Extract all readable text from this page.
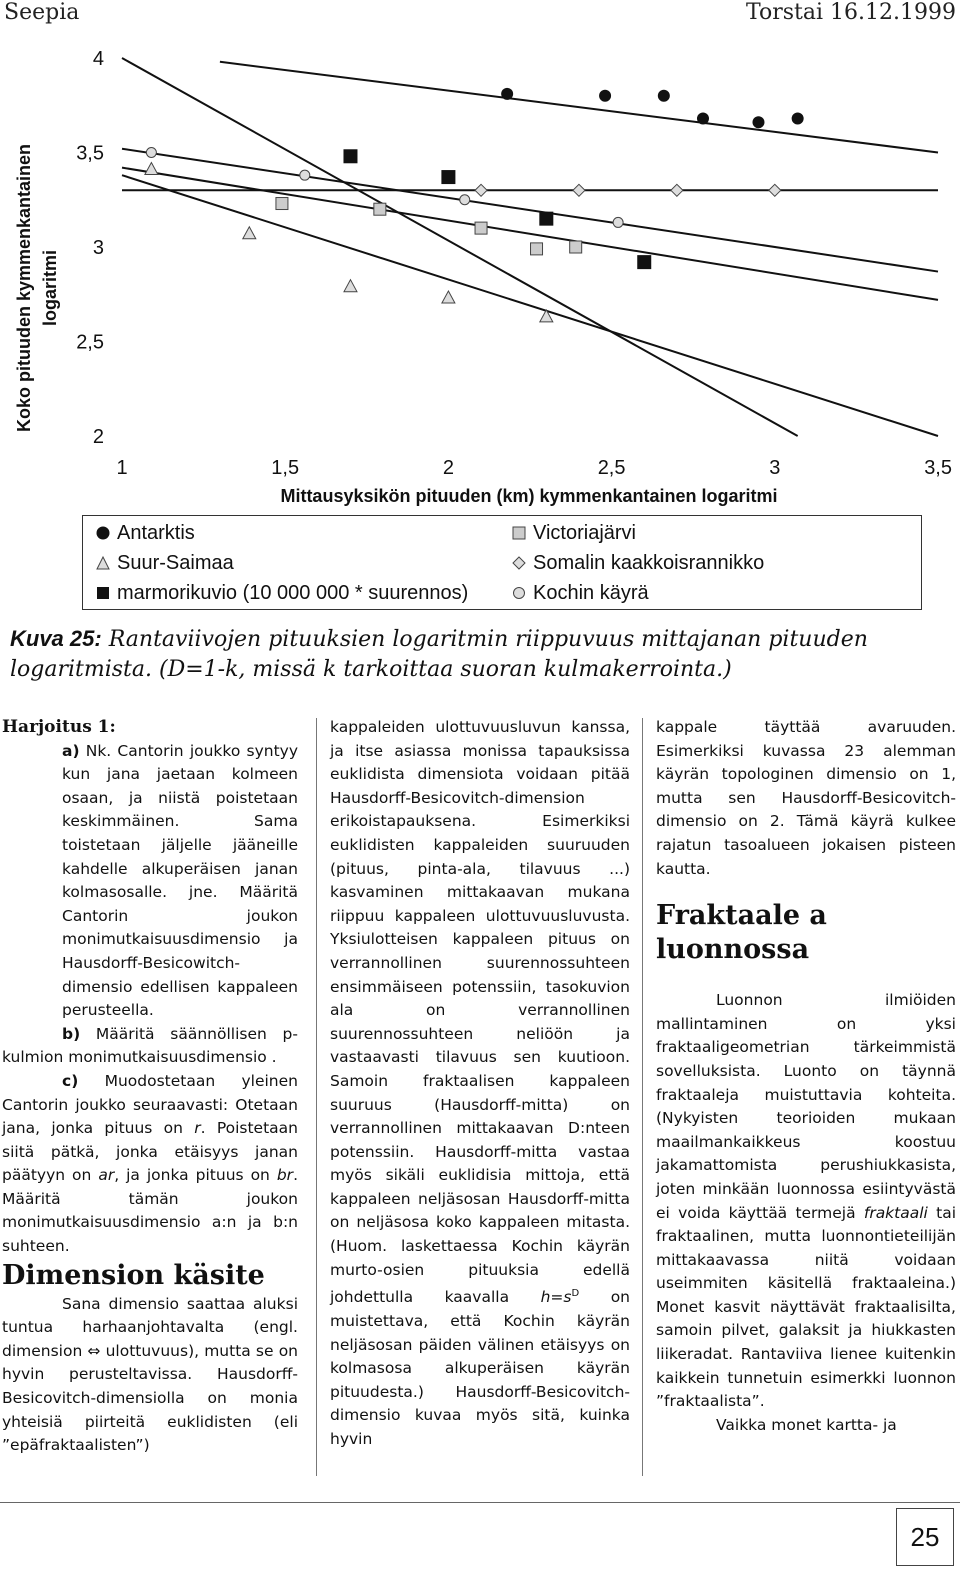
Seepia	Torstai 16.12.1999
Koko pituuden kymmenkantainen logaritmi
2
2,5
3
3,5
4
1	1,5	2	2,5	3	3,5
Mittausyksikön pituuden (km) kymmenkantainen logaritmi
Antarktis
Suur-Saimaa
marmorikuvio (10 000 000 * suurennos)
Victoriajärvi
Somalin kaakkoisrannikko
Kochin käyrä
Kuva 25: Rantaviivojen pituuksien logaritmin riippuvuus mittajanan pituuden logaritmista. (D=1-k, missä k tarkoittaa suoran kulmakerrointa.)

Harjoitus 1:

a) Nk. Cantorin joukko syntyy kun jana jaetaan kolmeen osaan, ja niistä poistetaan keskimmäinen. Sama toistetaan jäljelle jääneille kahdelle alkuperäisen janan kolmasosalle. jne. Määritä Cantorin joukon monimutkaisuusdimensio ja Hausdorff-Besicowitch-dimensio edellisen kappaleen perusteella.

b) Määritä säännöllisen p-kulmion monimutkaisuusdimensio .

c) Muodostetaan yleinen Cantorin joukko seuraavasti: Otetaan jana, jonka pituus on r. Poistetaan siitä pätkä, jonka etäisyys janan päätyyn on ar, ja jonka pituus on br. Määritä tämän joukon monimutkaisuusdimensio a:n ja b:n suhteen.

Dimension käsite

Sana dimensio saattaa aluksi tuntua harhaanjohtavalta (engl. dimension ⇔ ulottuvuus), mutta se on hyvin perusteltavissa. Hausdorff-Besicovitch-dimensiolla on monia yhteisiä piirteitä euklidisten (eli ”epäfraktaalisten”)

kappaleiden ulottuvuusluvun kanssa, ja itse asiassa monissa tapauksissa euklidista dimensiota voidaan pitää Hausdorff-Besicovitch-dimension erikoistapauksena. Esimerkiksi euklidisten kappaleiden suuruuden (pituus, pinta-ala, tilavuus ...) kasvaminen mittakaavan mukana riippuu kappaleen ulottuvuusluvusta. Yksiulotteisen kappaleen pituus on verrannollinen suurennossuhteen ensimmäiseen potenssiin, tasokuvion ala on verrannollinen suurennossuhteen neliöön ja vastaavasti tilavuus sen kuutioon. Samoin fraktaalisen kappaleen suuruus (Hausdorff-mitta) on verrannollinen mittakaavan D:nteen potenssiin. Hausdorff-mitta vastaa myös sikäli euklidisia mittoja, että kappaleen neljäsosan Hausdorff-mitta on neljäsosa koko kappaleen mitasta. (Huom. laskettaessa Kochin käyrän murto-osien pituuksia edellä johdettulla kaavalla $h=s^D$ on muistettava, että Kochin käyrän neljäsosan päiden välinen etäisyys on kolmasosa alkuperäisen käyrän pituudesta.) Hausdorff-Besicovitch-dimensio kuvaa myös sitä, kuinka hyvin

kappale täyttää avaruuden. Esimerkiksi kuvassa 23 alemman käyrän topologinen dimensio on 1, mutta sen Hausdorff-Besicovitch-dimensio on 2. Tämä käyrä kulkee rajatun tasoalueen jokaisen pisteen kautta.

Fraktaale a luonnossa

Luonnon ilmiöiden mallintaminen on yksi fraktaaligeometrian tärkeimmistä sovelluksista. Luonto on täynnä fraktaaleja muistuttavia kohteita. (Nykyisten teorioiden mukaan maailmankaikkeus koostuu jakamattomista perushiukkasista, joten minkään luonnossa esiintyvästä ei voida käyttää termejä fraktaali tai fraktaalinen, mutta luonnontieteilijän mittakaavassa niitä voidaan useimmiten käsitellä fraktaaleina.) Monet kasvit näyttävät fraktaalisilta, samoin pilvet, galaksit ja hiukkasten liikeradat. Rantaviiva lienee kuitenkin kaikkein tunnetuin esimerkki luonnon ”fraktaalista”.

Vaikka monet kartta- ja

25
